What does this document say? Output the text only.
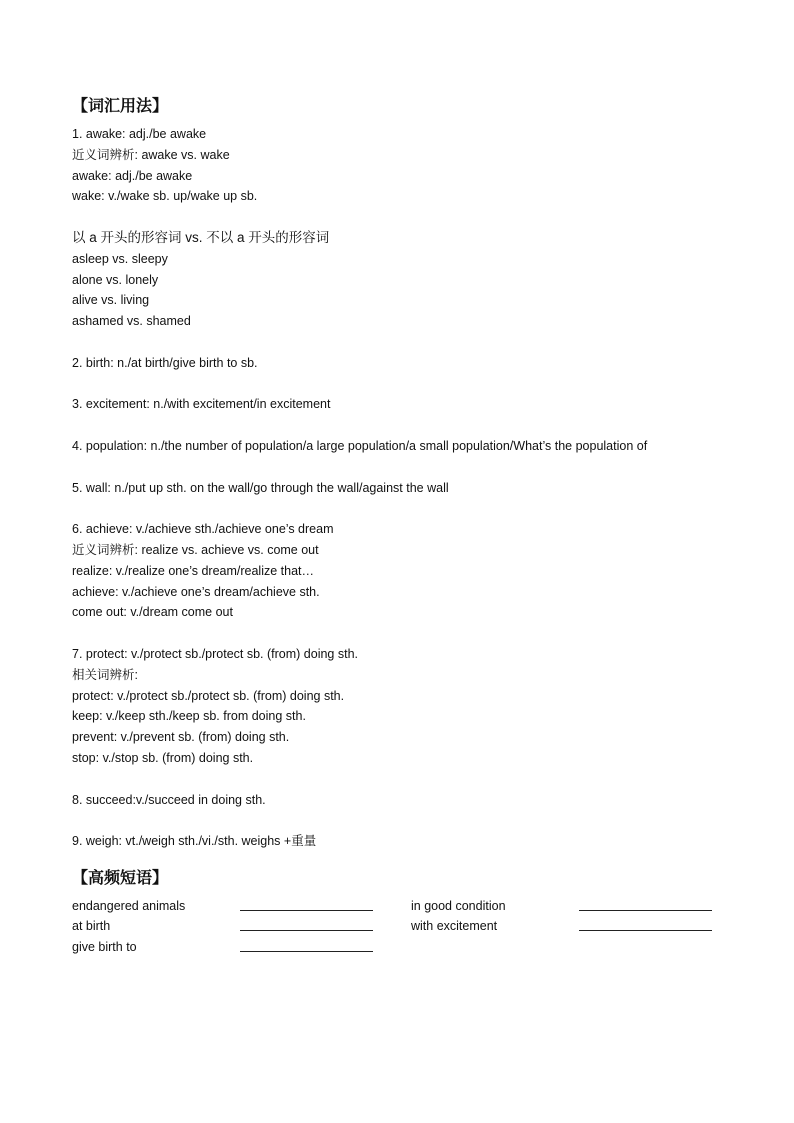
【词汇用法】
1. awake: adj./be awake
近义词辨析: awake vs. wake
awake: adj./be awake
wake: v./wake sb. up/wake up sb.
以 a 开头的形容词 vs. 不以 a 开头的形容词
asleep vs. sleepy
alone vs. lonely
alive vs. living
ashamed vs. shamed
2. birth: n./at birth/give birth to sb.
3. excitement: n./with excitement/in excitement
4. population: n./the number of population/a large population/a small population/What’s the population of
5. wall: n./put up sth. on the wall/go through the wall/against the wall
6. achieve: v./achieve sth./achieve one’s dream
近义词辨析: realize vs. achieve vs. come out
realize: v./realize one’s dream/realize that…
achieve: v./achieve one’s dream/achieve sth.
come out: v./dream come out
7. protect: v./protect sb./protect sb. (from) doing sth.
相关词辨析:
protect: v./protect sb./protect sb. (from) doing sth.
keep: v./keep sth./keep sb. from doing sth.
prevent: v./prevent sb. (from) doing sth.
stop: v./stop sb. (from) doing sth.
8. succeed:v./succeed in doing sth.
9. weigh: vt./weigh sth./vi./sth. weighs +重量
【高频短语】
endangered animals	in good condition
at birth	with excitement
give birth to
